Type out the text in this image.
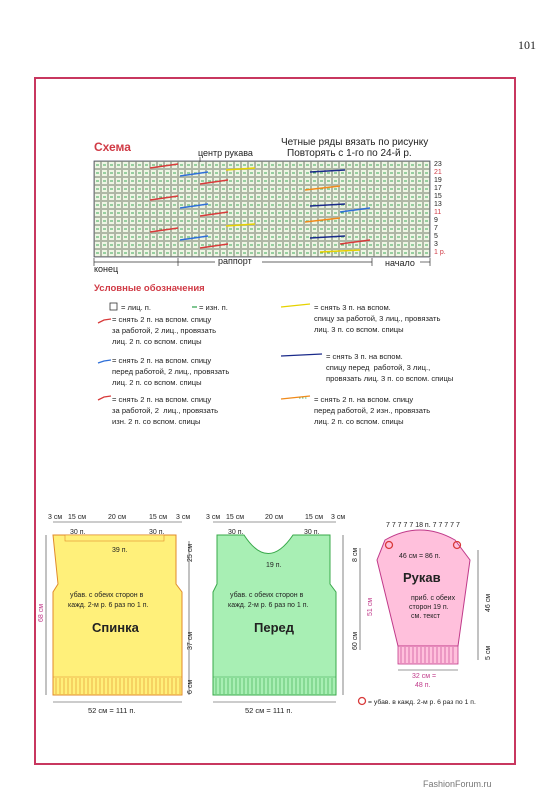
101
Схема	центр рукава
Четные ряды вязать по рисунку
Повторять с 1-го по 24-й р.
23
21
19
17
15
13
11
9
7
5
3
1 р.
конец
раппорт	начало
Условные обозначения
= лиц. п.	= изн. п.
= снять 2 п. на вспом. спицу
за работой, 2 лиц., провязать
лиц. 2 п. со вспом. спицы
= снять 2 п. на вспом. спицу
перед работой, 2 лиц., провязать
лиц. 2 п. со вспом. спицы
= снять 2 п. на вспом. спицу
за работой, 2  лиц., провязать
изн. 2 п. со вспом. спицы
= снять 3 п. на вспом.
спицу за работой, 3 лиц., провязать
лиц. 3 п. со вспом. спицы
= снять 3 п. на вспом.
спицу перед  работой, 3 лиц.,
провязать лиц. 3 п. со вспом. спицы
= снять 2 п. на вспом. спицу
перед работой, 2 изн., провязать
лиц. 2 п. со вспом. спицы
3 см 15 см	20 см	15 см 3 см
30 п.
39 п.
30 п.
убав. с обеих сторон в
кажд. 2-м р. 6 раз по 1 п.
Спинка
25 см
37 см
6 см
68 см
52 см = 111 п.
3 см 15 см	20 см	15 см 3 см
30 п.	30 п.
19 п.
убав. с обеих сторон в
кажд. 2-м р. 6 раз по 1 п.
Перед
8 см
60 см
52 см = 111 п.
7 7 7 7 7 18 п. 7 7 7 7 7
46 см = 86 п.
Рукав
приб. с обеих
сторон 19 п.
см. текст
51 см	46 см
5 см
32 см =
48 п.
= убав. в кажд. 2-м р. 6 раз по 1 п.
FashionForum.ru
